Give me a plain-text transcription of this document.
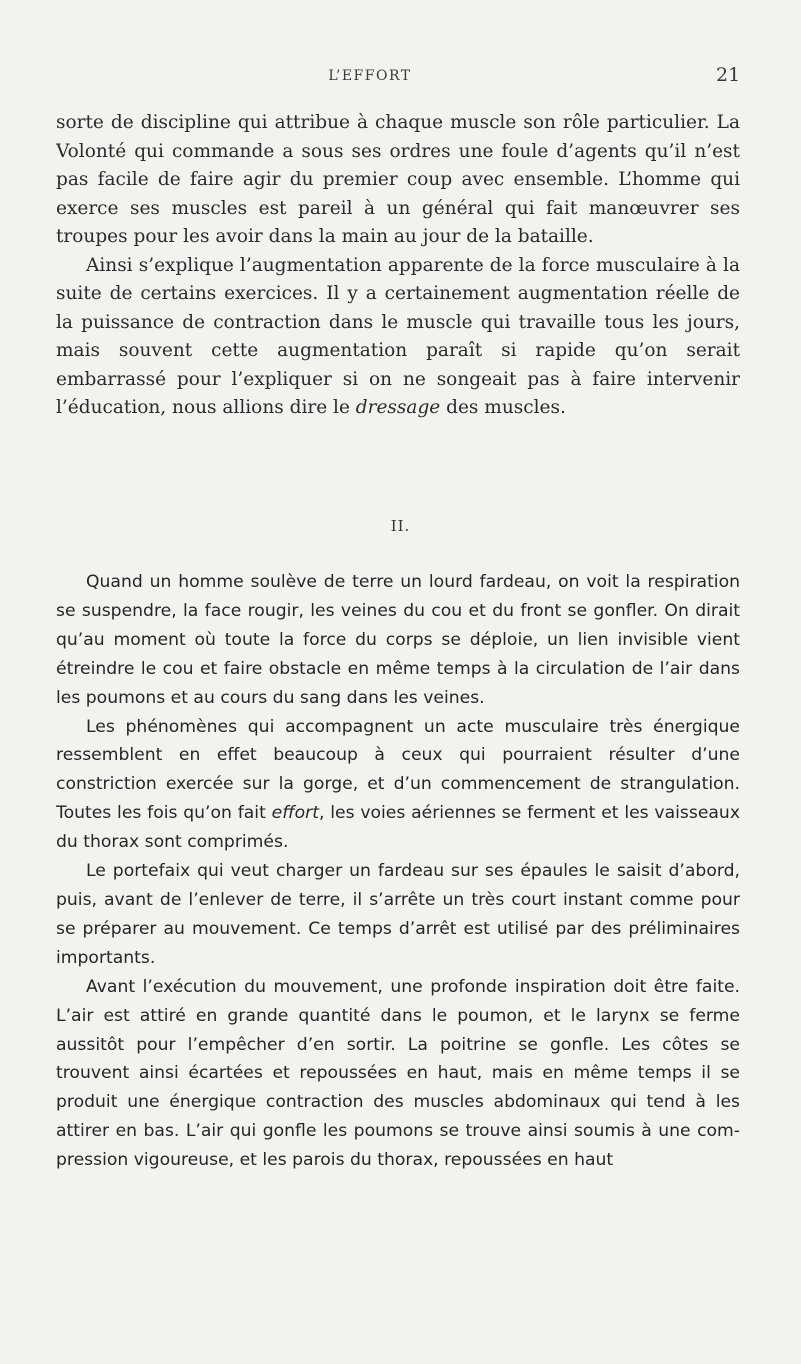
L’EFFORT	21

sorte de discipline qui attribue à chaque muscle son rôle particulier. La Volonté qui commande a sous ses ordres une foule d’agents qu’il n’est pas facile de faire agir du premier coup avec ensemble. L’homme qui exerce ses muscles est pareil à un général qui fait manœuvrer ses troupes pour les avoir dans la main au jour de la bataille.

Ainsi s’explique l’augmentation apparente de la force musculaire à la suite de certains exercices. Il y a certainement augmentation réelle de la puissance de contraction dans le muscle qui travaille tous les jours, mais souvent cette augmentation paraît si rapide qu’on serait embarrassé pour l’expliquer si on ne songeait pas à faire intervenir l’éducation, nous allions dire le dressage des muscles.

II.

Quand un homme soulève de terre un lourd fardeau, on voit la respiration se suspendre, la face rougir, les veines du cou et du front se gonfler. On dirait qu’au moment où toute la force du corps se déploie, un lien invisible vient étreindre le cou et faire obstacle en même temps à la circulation de l’air dans les poumons et au cours du sang dans les veines.

Les phénomènes qui accompagnent un acte musculaire très énergique ressemblent en effet beaucoup à ceux qui pourraient résulter d’une constriction exercée sur la gorge, et d’un commencement de strangulation. Toutes les fois qu’on fait effort, les voies aériennes se ferment et les vaisseaux du thorax sont comprimés.

Le portefaix qui veut charger un fardeau sur ses épaules le saisit d’abord, puis, avant de l’enlever de terre, il s’arrête un très court instant comme pour se préparer au mouvement. Ce temps d’arrêt est utilisé par des préliminaires importants.

Avant l’exécution du mouvement, une profonde inspiration doit être faite. L’air est attiré en grande quantité dans le poumon, et le larynx se ferme aussitôt pour l’empêcher d’en sortir. La poitrine se gonfle. Les côtes se trouvent ainsi écartées et repoussées en haut, mais en même temps il se produit une énergique contraction des muscles abdominaux qui tend à les attirer en bas. L’air qui gonfle les poumons se trouve ainsi soumis à une compression vigoureuse, et les parois du thorax, repoussées en haut
